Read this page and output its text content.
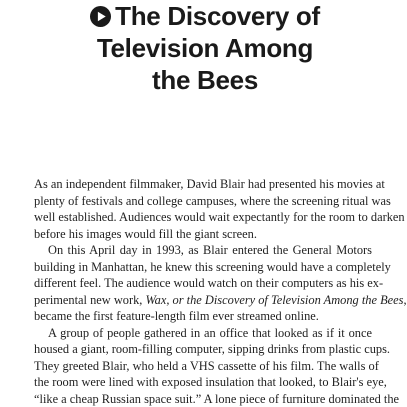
The Discovery of
Television Among
the Bees

As an independent filmmaker, David Blair had presented his movies at
plenty of festivals and college campuses, where the screening ritual was
well established. Audiences would wait expectantly for the room to darken
before his images would fill the giant screen.

On this April day in 1993, as Blair entered the General Motors
building in Manhattan, he knew this screening would have a completely
different feel. The audience would watch on their computers as his ex-
perimental new work, Wax, or the Discovery of Television Among the Bees,
became the first feature-length film ever streamed online.

A group of people gathered in an office that looked as if it once
housed a giant, room-filling computer, sipping drinks from plastic cups.
They greeted Blair, who held a VHS cassette of his film. The walls of
the room were lined with exposed insulation that looked, to Blair's eye,
“like a cheap Russian space suit.” A lone piece of furniture dominated the
